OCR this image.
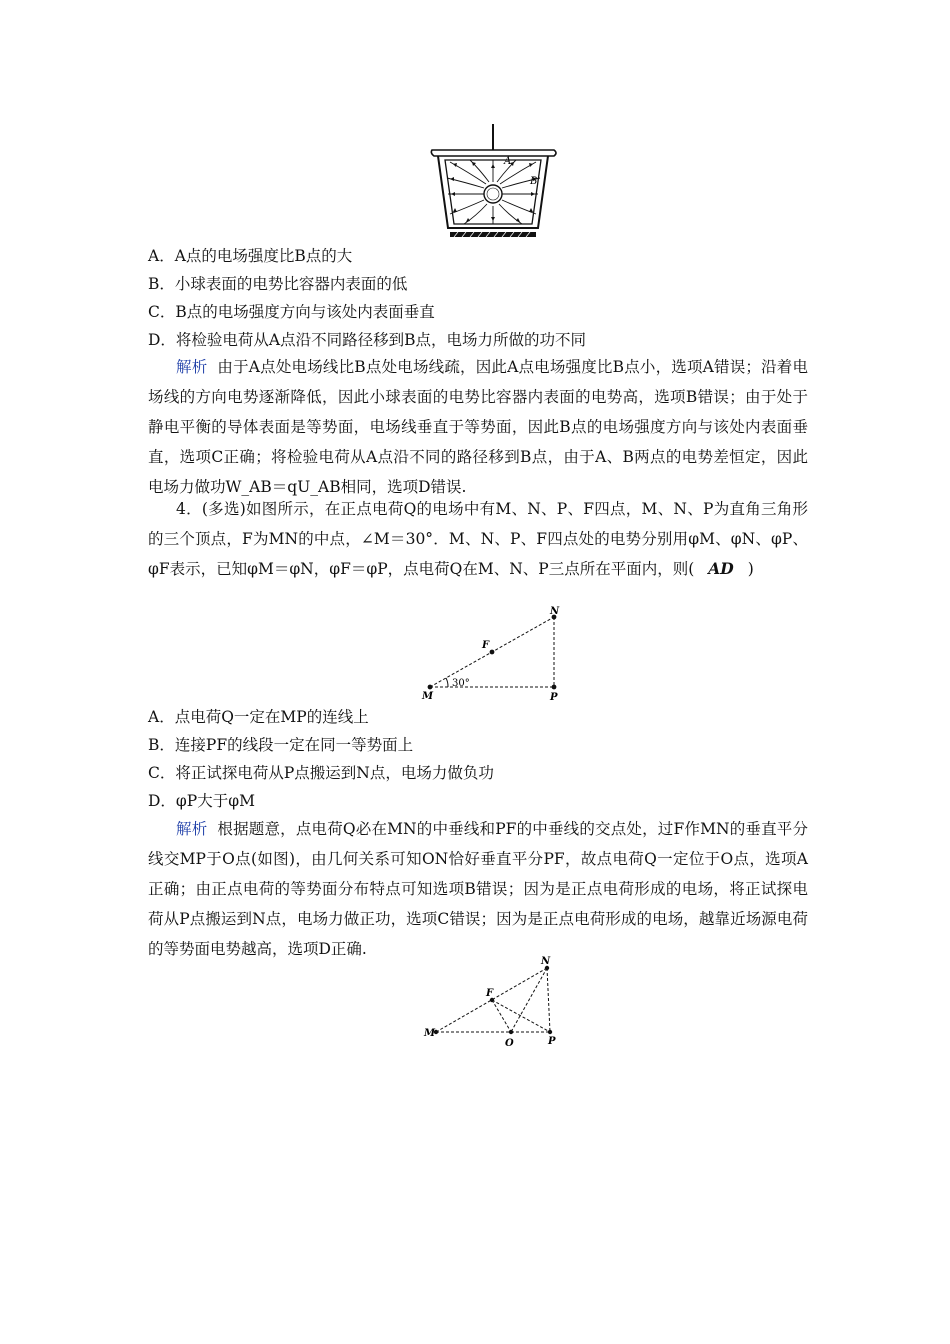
A
B
A．A点的电场强度比B点的大
B．小球表面的电势比容器内表面的低
C．B点的电场强度方向与该处内表面垂直
D．将检验电荷从A点沿不同路径移到B点，电场力所做的功不同
解析 由于A点处电场线比B点处电场线疏，因此A点电场强度比B点小，选项A错误；沿着电场线的方向电势逐渐降低，因此小球表面的电势比容器内表面的电势高，选项B错误；由于处于静电平衡的导体表面是等势面，电场线垂直于等势面，因此B点的电场强度方向与该处内表面垂直，选项C正确；将检验电荷从A点沿不同的路径移到B点，由于A、B两点的电势差恒定，因此电场力做功W_AB＝qU_AB相同，选项D错误.
4．(多选)如图所示，在正点电荷Q的电场中有M、N、P、F四点，M、N、P为直角三角形的三个顶点，F为MN的中点，∠M＝30°．M、N、P、F四点处的电势分别用φM、φN、φP、φF表示，已知φM＝φN，φF＝φP，点电荷Q在M、N、P三点所在平面内，则( AD )
N
F
M	P
30°
A．点电荷Q一定在MP的连线上
B．连接PF的线段一定在同一等势面上
C．将正试探电荷从P点搬运到N点，电场力做负功
D．φP大于φM
解析 根据题意，点电荷Q必在MN的中垂线和PF的中垂线的交点处，过F作MN的垂直平分线交MP于O点(如图)，由几何关系可知ON恰好垂直平分PF，故点电荷Q一定位于O点，选项A正确；由正点电荷的等势面分布特点可知选项B错误；因为是正点电荷形成的电场，将正试探电荷从P点搬运到N点，电场力做正功，选项C错误；因为是正点电荷形成的电场，越靠近场源电荷的等势面电势越高，选项D正确.
N
F
M
O	P
